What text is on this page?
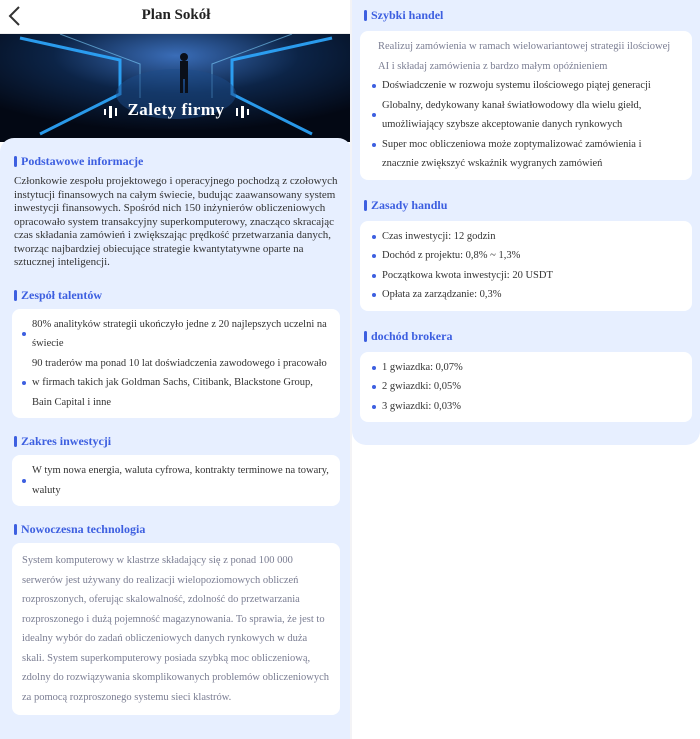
Plan Sokół
Zalety firmy
Podstawowe informacje
Członkowie zespołu projektowego i operacyjnego pochodzą z czołowych instytucji finansowych na całym świecie, budując zaawansowany system inwestycji finansowych. Spośród nich 150 inżynierów obliczeniowych opracowało system transakcyjny superkomputerowy, znacząco skracając czas składania zamówień i zwiększając prędkość przetwarzania danych, tworząc najbardziej obiecujące strategie kwantytatywne oparte na sztucznej inteligencji.
Zespół talentów
80% analityków strategii ukończyło jedne z 20 najlepszych uczelni na świecie
90 traderów ma ponad 10 lat doświadczenia zawodowego i pracowało
w firmach takich jak Goldman Sachs, Citibank, Blackstone Group, Bain Capital i inne
Zakres inwestycji
W tym nowa energia, waluta cyfrowa, kontrakty terminowe na towary, waluty
Nowoczesna technologia
System komputerowy w klastrze składający się z ponad 100 000 serwerów jest używany do realizacji wielopoziomowych obliczeń rozproszonych, oferując skalowalność, zdolność do przetwarzania rozproszonego i dużą pojemność magazynowania. To sprawia, że jest to idealny wybór do zadań obliczeniowych danych rynkowych w duża skali. System superkomputerowy posiada szybką moc obliczeniową, zdolny do rozwiązywania skomplikowanych problemów obliczeniowych za pomocą rozproszonego systemu sieci klastrów.
Szybki handel
Realizuj zamówienia w ramach wielowariantowej strategii ilościowej AI i składaj zamówienia z bardzo małym opóźnieniem
Doświadczenie w rozwoju systemu ilościowego piątej generacji
Globalny, dedykowany kanał światłowodowy dla wielu giełd, umożliwiający szybsze akceptowanie danych rynkowych
Super moc obliczeniowa może zoptymalizować zamówienia i znacznie zwiększyć wskaźnik wygranych zamówień
Zasady handlu
Czas inwestycji: 12 godzin
Dochód z projektu: 0,8% ~ 1,3%
Początkowa kwota inwestycji: 20 USDT
Opłata za zarządzanie: 0,3%
dochód brokera
1 gwiazdka: 0,07%
2 gwiazdki: 0,05%
3 gwiazdki: 0,03%
